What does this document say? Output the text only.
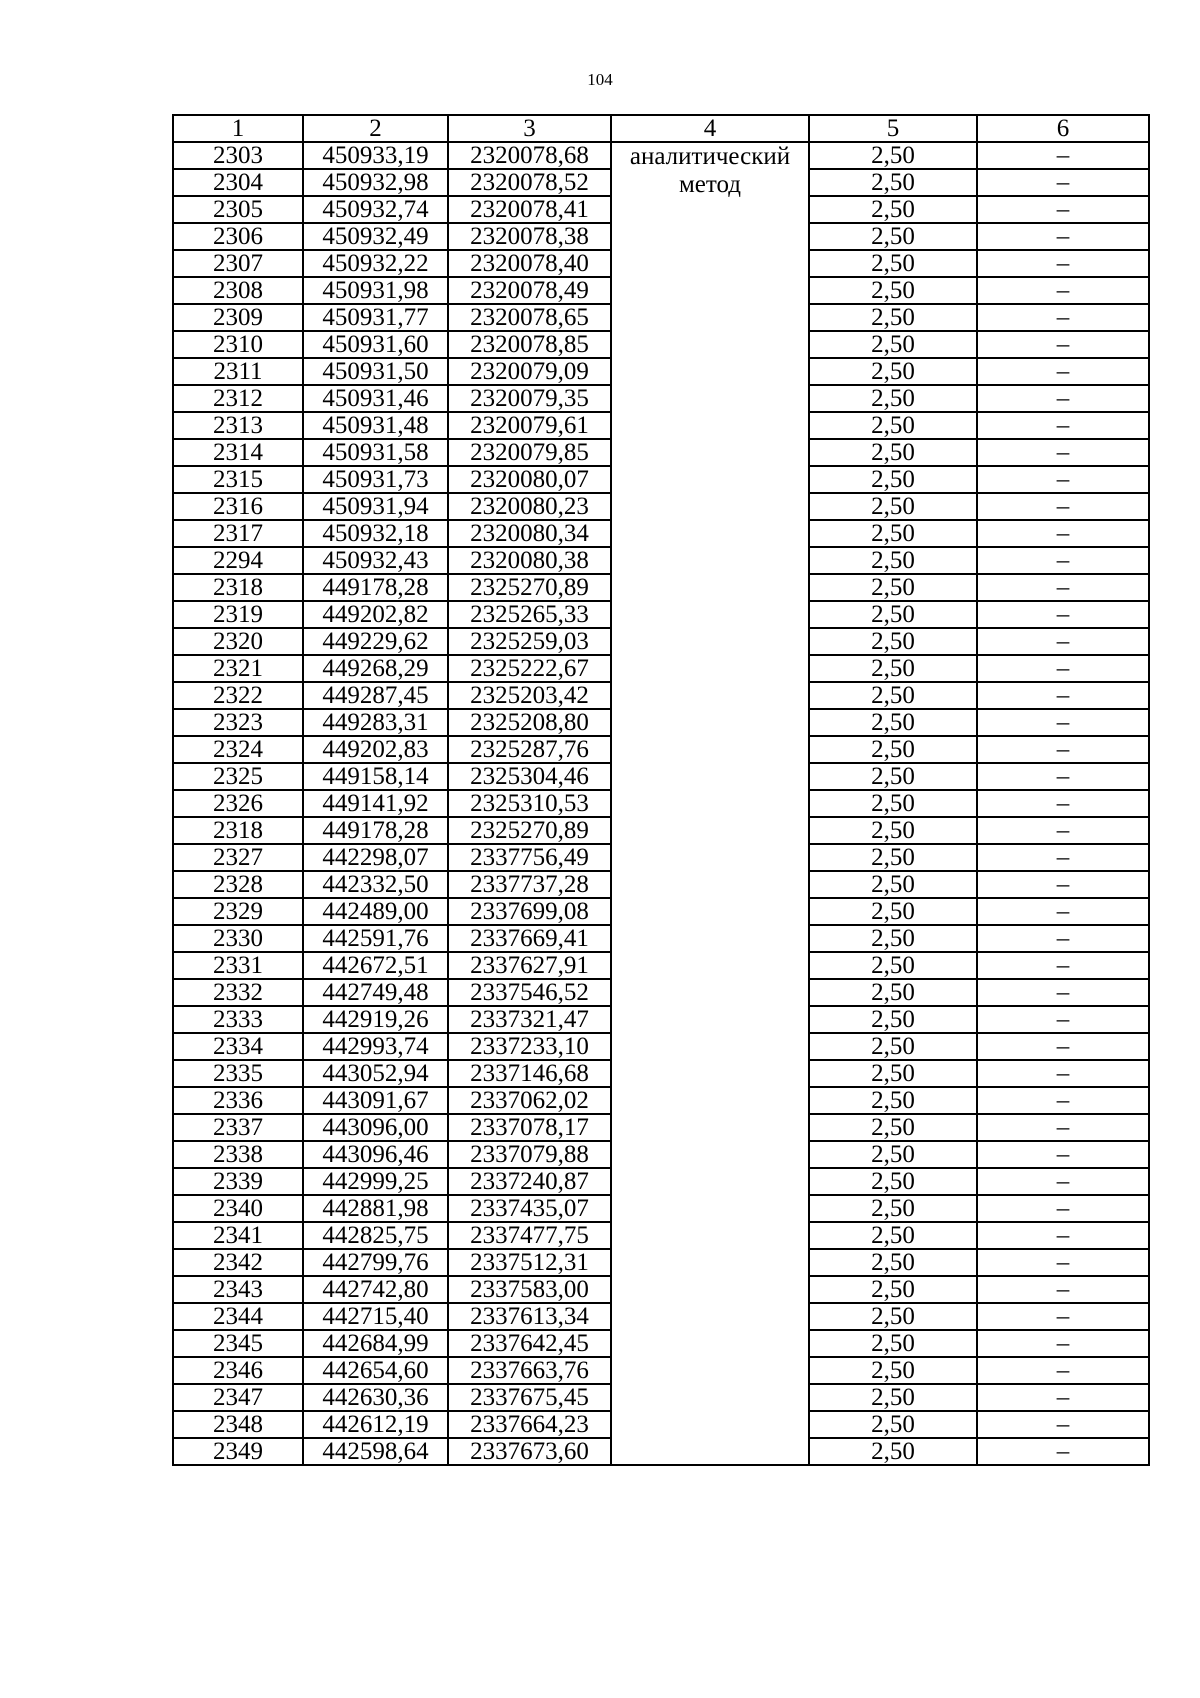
104
1	2	3	4	5	6
2303	450933,19	2320078,68	аналитический метод	2,50	–
2304	450932,98	2320078,52		2,50	–
2305	450932,74	2320078,41		2,50	–
2306	450932,49	2320078,38		2,50	–
2307	450932,22	2320078,40		2,50	–
2308	450931,98	2320078,49		2,50	–
2309	450931,77	2320078,65		2,50	–
2310	450931,60	2320078,85		2,50	–
2311	450931,50	2320079,09		2,50	–
2312	450931,46	2320079,35		2,50	–
2313	450931,48	2320079,61		2,50	–
2314	450931,58	2320079,85		2,50	–
2315	450931,73	2320080,07		2,50	–
2316	450931,94	2320080,23		2,50	–
2317	450932,18	2320080,34		2,50	–
2294	450932,43	2320080,38		2,50	–
2318	449178,28	2325270,89		2,50	–
2319	449202,82	2325265,33		2,50	–
2320	449229,62	2325259,03		2,50	–
2321	449268,29	2325222,67		2,50	–
2322	449287,45	2325203,42		2,50	–
2323	449283,31	2325208,80		2,50	–
2324	449202,83	2325287,76		2,50	–
2325	449158,14	2325304,46		2,50	–
2326	449141,92	2325310,53		2,50	–
2318	449178,28	2325270,89		2,50	–
2327	442298,07	2337756,49		2,50	–
2328	442332,50	2337737,28		2,50	–
2329	442489,00	2337699,08		2,50	–
2330	442591,76	2337669,41		2,50	–
2331	442672,51	2337627,91		2,50	–
2332	442749,48	2337546,52		2,50	–
2333	442919,26	2337321,47		2,50	–
2334	442993,74	2337233,10		2,50	–
2335	443052,94	2337146,68		2,50	–
2336	443091,67	2337062,02		2,50	–
2337	443096,00	2337078,17		2,50	–
2338	443096,46	2337079,88		2,50	–
2339	442999,25	2337240,87		2,50	–
2340	442881,98	2337435,07		2,50	–
2341	442825,75	2337477,75		2,50	–
2342	442799,76	2337512,31		2,50	–
2343	442742,80	2337583,00		2,50	–
2344	442715,40	2337613,34		2,50	–
2345	442684,99	2337642,45		2,50	–
2346	442654,60	2337663,76		2,50	–
2347	442630,36	2337675,45		2,50	–
2348	442612,19	2337664,23		2,50	–
2349	442598,64	2337673,60		2,50	–
